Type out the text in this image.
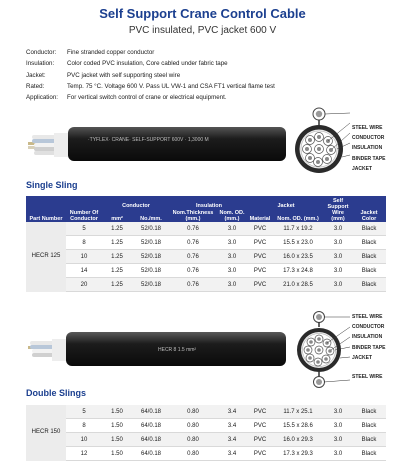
Self Support Crane Control Cable
PVC insulated, PVC jacket 600 V
Conductor:	Fine stranded copper conductor
Insulation:	Color coded PVC insulation, Core cabled under fabric tape
Jacket:	PVC jacket with self supporting steel wire
Rated:	Temp. 75 °C. Voltage 600 V. Pass UL VW-1 and CSA FT1 vertical flame test
Application:	For vertical switch control of crane or electrical equipment.
·TYFLEX· CRANE· SELF-SUPPORT 600V · 1,3000 M
STEEL WIRE
CONDUCTOR
INSULATION
BINDER TAPE
JACKET
Single Sling
Part Number	Number Of Conductor	Conductor		Insulation		Jacket		Self Support Wire (mm)	Jacket Color
		mm²	No./mm.	Nom.Thickness (mm.)	Nom. OD. (mm.)	Material	Nom. OD. (mm.)		
HECR 125	5	1.25	52/0.18	0.76	3.0	PVC	11.7 x 19.2	3.0	Black
	8	1.25	52/0.18	0.76	3.0	PVC	15.5 x 23.0	3.0	Black
	10	1.25	52/0.18	0.76	3.0	PVC	16.0 x 23.5	3.0	Black
	14	1.25	52/0.18	0.76	3.0	PVC	17.3 x 24.8	3.0	Black
	20	1.25	52/0.18	0.76	3.0	PVC	21.0 x 28.5	3.0	Black
HECR 8 1.5 mm²
STEEL WIRE
CONDUCTOR
INSULATION
BINDER TAPE
JACKET
STEEL WIRE
Double Slings
HECR 150	5	1.50	64/0.18	0.80	3.4	PVC	11.7 x 25.1	3.0	Black
	8	1.50	64/0.18	0.80	3.4	PVC	15.5 x 28.6	3.0	Black
	10	1.50	64/0.18	0.80	3.4	PVC	16.0 x 29.3	3.0	Black
	12	1.50	64/0.18	0.80	3.4	PVC	17.3 x 29.3	3.0	Black
